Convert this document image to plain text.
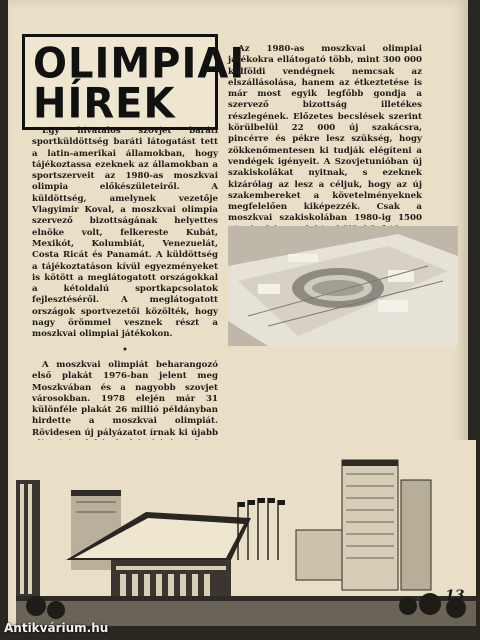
OLIMPIAI
HÍREK

Az 1980-as moszkvai olimpiai játékokra ellátogató több, mint 300 000 külföldi vendégnek nemcsak az elszállásolása, hanem az étkeztetése is már most egyik legfőbb gondja a szervező bizottság illetékes részlegének. Előzetes becslések szerint körülbelül 22 000 új szakácsra, pincérre és pékre lesz szükség, hogy zökkenőmentesen ki tudják elégíteni a vendégek igényeit. A Szovjetunióban új szakiskolákat nyitnak, s ezeknek kizárólag az lesz a céljuk, hogy az új szakembereket a követelményeknek megfelelően kiképezzék. Csak a moszkvai szakiskolában 1980-ig 1500

Egy hivatalos szovjet baráti sportküldöttség baráti látogatást tett a latin-amerikai államokban, hogy tájékoztassa ezeknek az államokban a sportszerveit az 1980-as moszkvai olimpia előkészületeiről. A küldöttség, amelynek vezetője Vlagyimir Koval, a moszkvai olimpia szervező bizottságának helyettes elnöke volt, felkereste Kubát, Mexikót, Kolumbiát, Venezuelát, Costa Ricát és Panamát. A küldöttség a tájékoztatáson kívül egyezményeket is kötött a meglátogatott országokkal a kétoldalú sportkapcsolatok fejlesztéséről. A meglátogatott országok sportvezetői közölték, hogy nagy örömmel vesznek részt a moszkvai olimpiai játékokon.

•

A moszkvai olimpiát beharangozó első plakát 1976-ban jelent meg Moszkvában és a nagyobb szovjet városokban. 1978 elején már 31 különféle plakát 26 millió példányban hirdette a moszkvai olimpiát. Rövidesen új pályázatot írnak ki újabb

13
Antikvárium.hu
